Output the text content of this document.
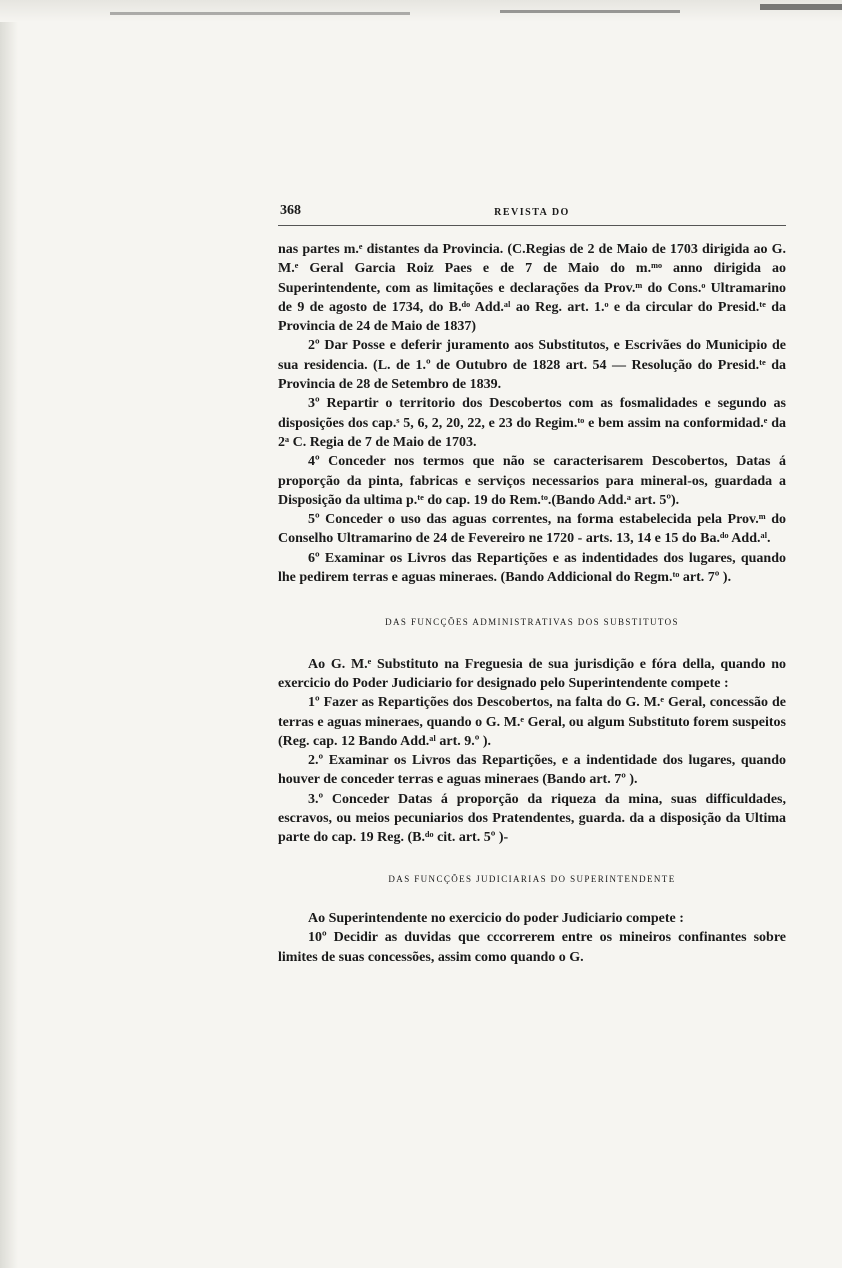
368	REVISTA DO

nas partes m.ᵉ distantes da Provincia. (C.Regias de 2 de Maio de 1703 dirigida ao G. M.ᵉ Geral Garcia Roiz Paes e de 7 de Maio do m.ᵐᵒ anno dirigida ao Superintendente, com as limitações e declarações da Prov.ᵐ do Cons.ᵒ Ultramarino de 9 de agosto de 1734, do B.ᵈᵒ Add.ᵃˡ ao Reg. art. 1.ᵒ e da circular do Presid.ᵗᵉ da Provincia de 24 de Maio de 1837)

2º Dar Posse e deferir juramento aos Substitutos, e Escrivães do Municipio de sua residencia. (L. de 1.º de Outubro de 1828 art. 54 — Resolução do Presid.ᵗᵉ da Provincia de 28 de Setembro de 1839.

3º Repartir o territorio dos Descobertos com as fosmalidades e segundo as disposições dos cap.ˢ 5, 6, 2, 20, 22, e 23 do Regim.ᵗᵒ e bem assim na conformidad.ᵉ da 2ᵃ C. Regia de 7 de Maio de 1703.

4º Conceder nos termos que não se caracterisarem Descobertos, Datas á proporção da pinta, fabricas e serviços necessarios para mineral-os, guardada a Disposição da ultima p.ᵗᵉ do cap. 19 do Rem.ᵗᵒ.(Bando Add.ᵃ art. 5º).

5º Conceder o uso das aguas correntes, na forma estabelecida pela Prov.ᵐ do Conselho Ultramarino de 24 de Fevereiro ne 1720 - arts. 13, 14 e 15 do Ba.ᵈᵒ Add.ᵃˡ.

6º Examinar os Livros das Repartições e as indentidades dos lugares, quando lhe pedirem terras e aguas mineraes. (Bando Addicional do Regm.ᵗᵒ art. 7º ).

DAS FUNCÇÕES ADMINISTRATIVAS DOS SUBSTITUTOS

Ao G. M.ᵉ Substituto na Freguesia de sua jurisdição e fóra della, quando no exercicio do Poder Judiciario for designado pelo Superintendente compete :

1º Fazer as Repartições dos Descobertos, na falta do G. M.ᵉ Geral, concessão de terras e aguas mineraes, quando o G. M.ᵉ Geral, ou algum Substituto forem suspeitos (Reg. cap. 12 Bando Add.ᵃˡ art. 9.º ).

2.º Examinar os Livros das Repartições, e a indentidade dos lugares, quando houver de conceder terras e aguas mineraes (Bando art. 7º ).

3.º Conceder Datas á proporção da riqueza da mina, suas difficuldades, escravos, ou meios pecuniarios dos Pratendentes, guarda. da a disposição da Ultima parte do cap. 19 Reg. (B.ᵈᵒ cit. art. 5º )-

DAS FUNCÇÕES JUDICIARIAS DO SUPERINTENDENTE

Ao Superintendente no exercicio do poder Judiciario compete :

10º Decidir as duvidas que cccorrerem entre os mineiros confinantes sobre limites de suas concessões, assim como quando o G.
